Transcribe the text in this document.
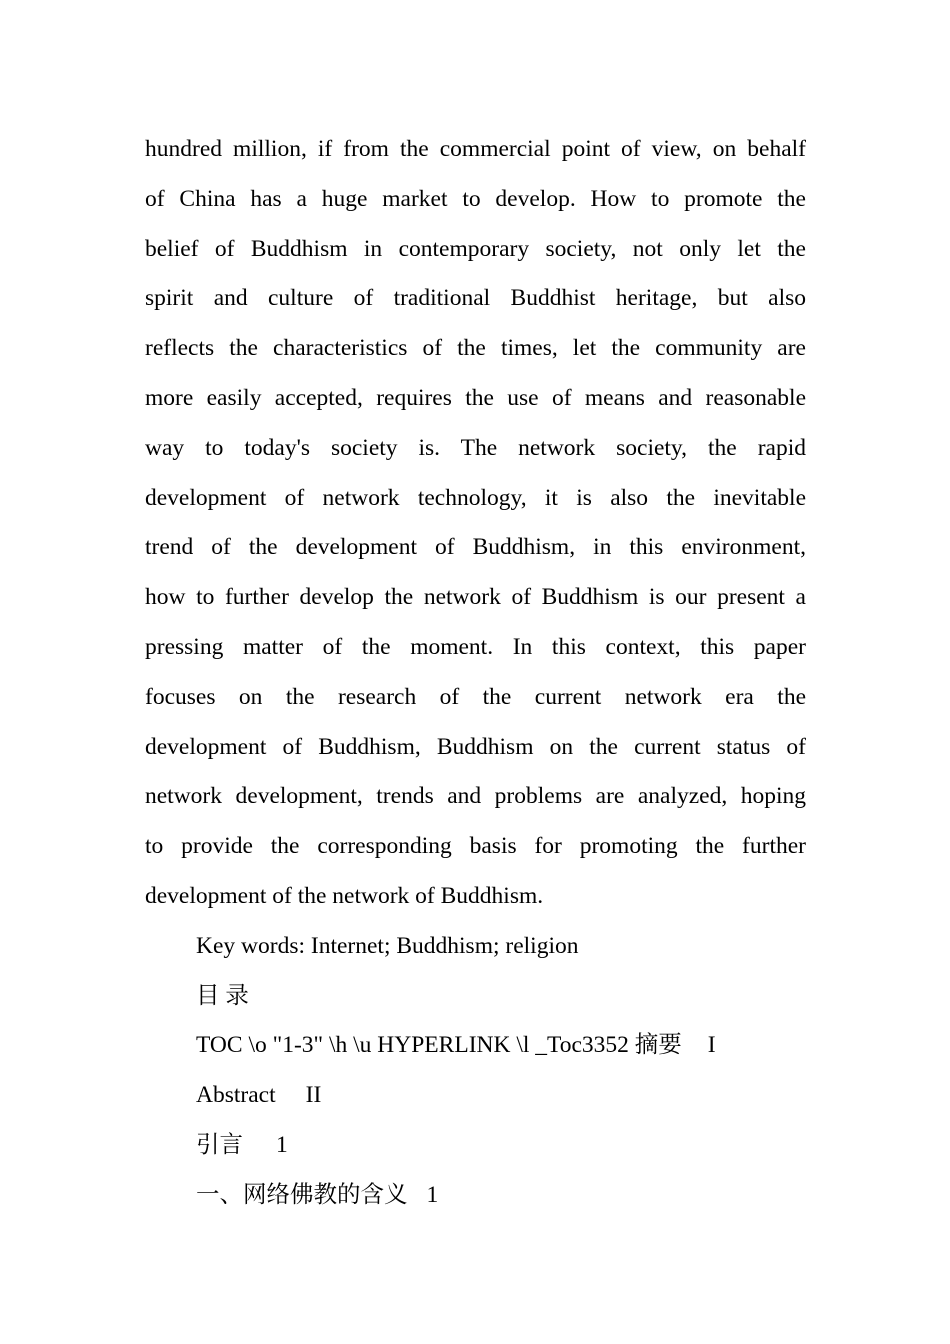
hundred million, if from the commercial point of view, on behalf
of China has a huge market to develop. How to promote the
belief of Buddhism in contemporary society, not only let the
spirit and culture of traditional Buddhist heritage, but also
reflects the characteristics of the times, let the community are
more easily accepted, requires the use of means and reasonable
way to today's society is. The network society, the rapid
development of network technology, it is also the inevitable
trend of the development of Buddhism, in this environment,
how to further develop the network of Buddhism is our present a
pressing matter of the moment. In this context, this paper
focuses on the research of the current network era the
development of Buddhism, Buddhism on the current status of
network development, trends and problems are analyzed, hoping
to provide the corresponding basis for promoting the further
development of the network of Buddhism.
Key words: Internet; Buddhism; religion
目 录
TOC \o "1-3" \h \u HYPERLINK \l _Toc3352 摘要 I
Abstract II
引言 1
一、网络佛教的含义 1
